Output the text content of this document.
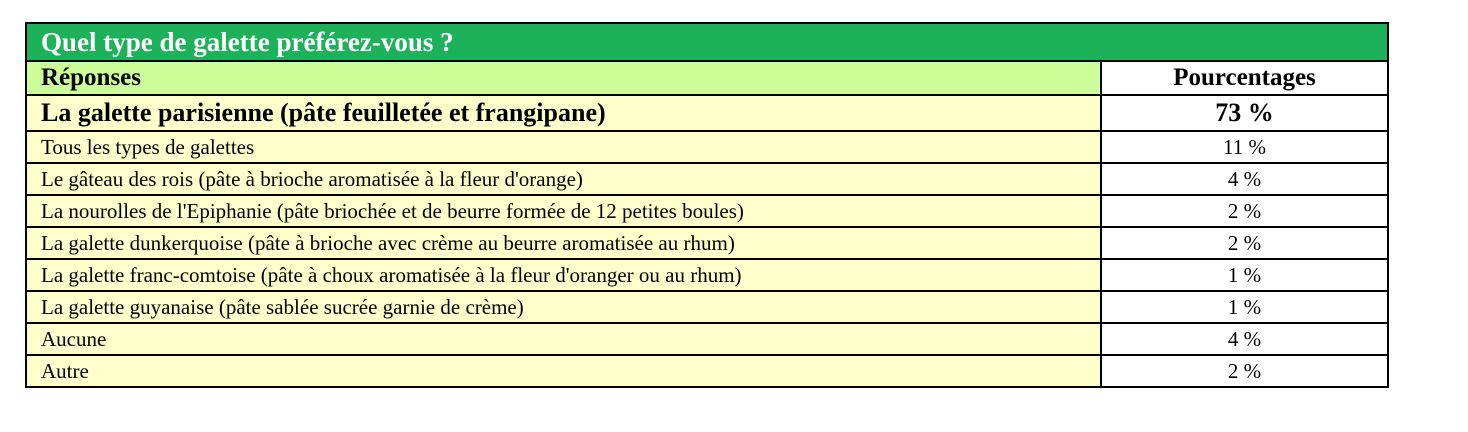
Quel type de galette préférez-vous ?	
Réponses	Pourcentages
La galette parisienne (pâte feuilletée et frangipane)	73 %
Tous les types de galettes	11 %
Le gâteau des rois (pâte à brioche aromatisée à la fleur d'orange)	4 %
La nourolles de l'Epiphanie (pâte briochée et de beurre formée de 12 petites boules)	2 %
La galette dunkerquoise (pâte à brioche avec crème au beurre aromatisée au rhum)	2 %
La galette franc-comtoise (pâte à choux aromatisée à la fleur d'oranger ou au rhum)	1 %
La galette guyanaise (pâte sablée sucrée garnie de crème)	1 %
Aucune	4 %
Autre	2 %
